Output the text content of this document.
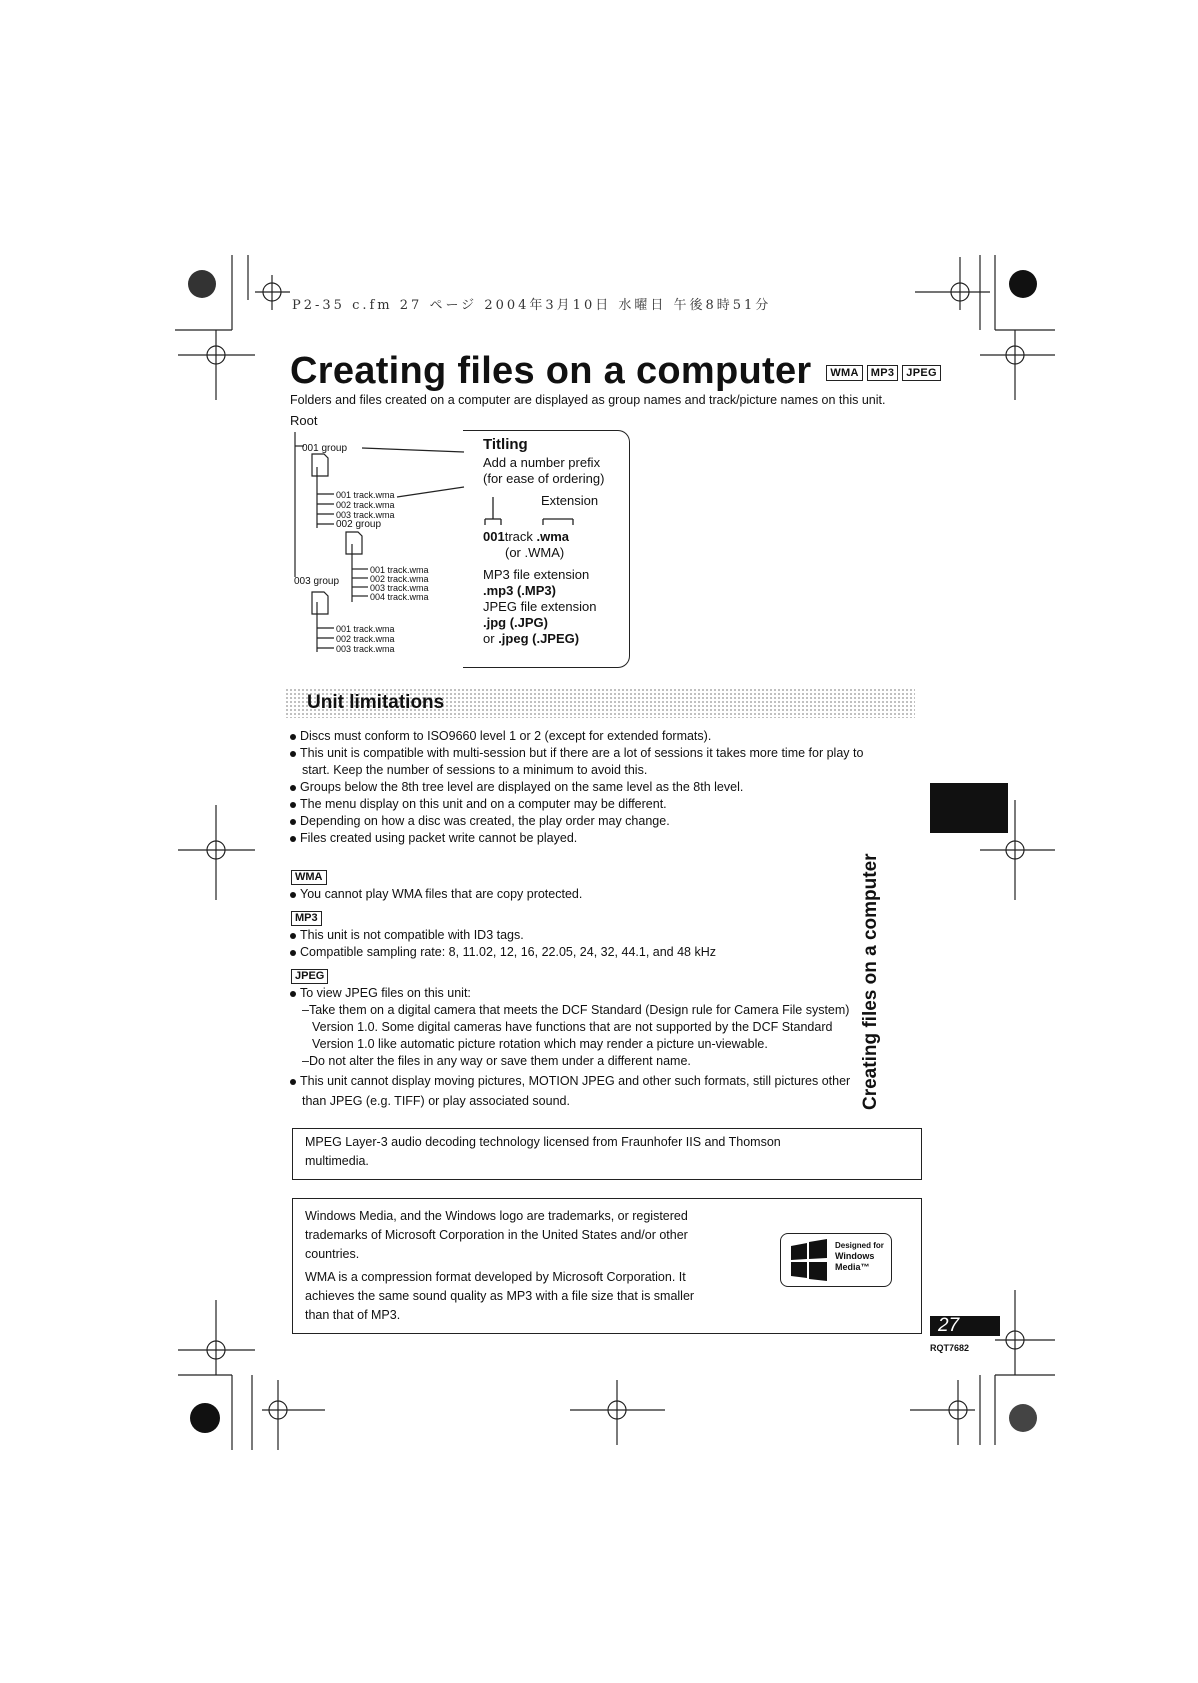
P2-35 c.fm 27 ページ 2004年3月10日 水曜日 午後8時51分
Creating files on a computer WMA MP3 JPEG
Folders and files created on a computer are displayed as group names and track/picture names on this unit.
Root
001 group
001 track.wma
002 track.wma
003 track.wma
002 group
001 track.wma
002 track.wma
003 track.wma
004 track.wma
003 group
001 track.wma
002 track.wma
003 track.wma
Titling
Add a number prefix
(for ease of ordering)
Extension
001track .wma
(or .WMA)
MP3 file extension
.mp3 (.MP3)
JPEG file extension
.jpg (.JPG)
or .jpeg (.JPEG)
Unit limitations
Discs must conform to ISO9660 level 1 or 2 (except for extended formats).
This unit is compatible with multi-session but if there are a lot of sessions it takes more time for play to
start. Keep the number of sessions to a minimum to avoid this.
Groups below the 8th tree level are displayed on the same level as the 8th level.
The menu display on this unit and on a computer may be different.
Depending on how a disc was created, the play order may change.
Files created using packet write cannot be played.
WMA
You cannot play WMA files that are copy protected.
MP3
This unit is not compatible with ID3 tags.
Compatible sampling rate: 8, 11.02, 12, 16, 22.05, 24, 32, 44.1, and 48 kHz
JPEG
To view JPEG files on this unit:
–Take them on a digital camera that meets the DCF Standard (Design rule for Camera File system)
Version 1.0. Some digital cameras have functions that are not supported by the DCF Standard
Version 1.0 like automatic picture rotation which may render a picture un-viewable.
–Do not alter the files in any way or save them under a different name.
This unit cannot display moving pictures, MOTION JPEG and other such formats, still pictures other
than JPEG (e.g. TIFF) or play associated sound.
MPEG Layer-3 audio decoding technology licensed from Fraunhofer IIS and Thomson
multimedia.
Windows Media, and the Windows logo are trademarks, or registered
trademarks of Microsoft Corporation in the United States and/or other
countries.
WMA is a compression format developed by Microsoft Corporation. It
achieves the same sound quality as MP3 with a file size that is smaller
than that of MP3.
Designed for
Windows
Media™
Creating files on a computer
27
RQT7682
